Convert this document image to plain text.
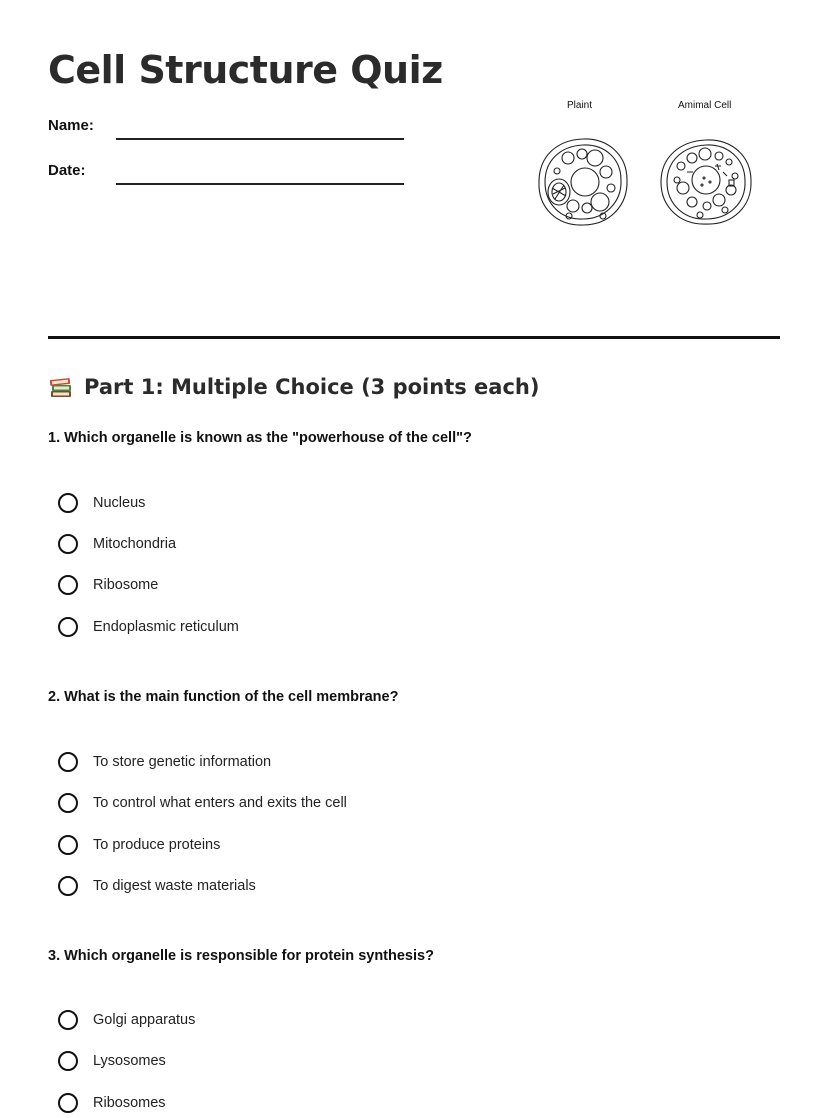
Cell Structure Quiz
Name:
Date:
Plaint	Amimal Cell
Part 1: Multiple Choice (3 points each)
1. Which organelle is known as the "powerhouse of the cell"?
Nucleus
Mitochondria
Ribosome
Endoplasmic reticulum
2. What is the main function of the cell membrane?
To store genetic information
To control what enters and exits the cell
To produce proteins
To digest waste materials
3. Which organelle is responsible for protein synthesis?
Golgi apparatus
Lysosomes
Ribosomes
